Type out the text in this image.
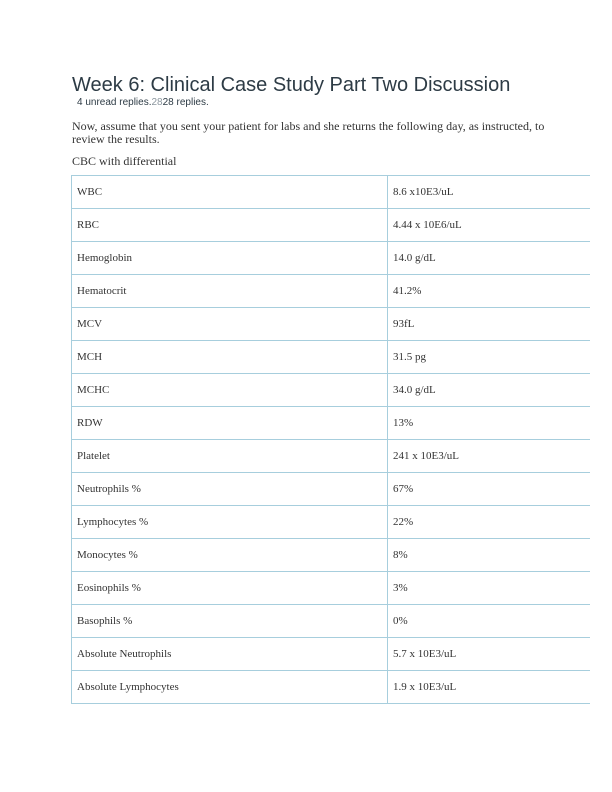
Week 6: Clinical Case Study Part Two Discussion
4 unread replies.2828 replies.

Now, assume that you sent your patient for labs and she returns the following day, as instructed, to review the results.

CBC with differential

WBC	8.6 x10E3/uL
RBC	4.44 x 10E6/uL
Hemoglobin	14.0 g/dL
Hematocrit	41.2%
MCV	93fL
MCH	31.5 pg
MCHC	34.0 g/dL
RDW	13%
Platelet	241 x 10E3/uL
Neutrophils %	67%
Lymphocytes %	22%
Monocytes %	8%
Eosinophils %	3%
Basophils %	0%
Absolute Neutrophils	5.7 x 10E3/uL
Absolute Lymphocytes	1.9 x 10E3/uL
